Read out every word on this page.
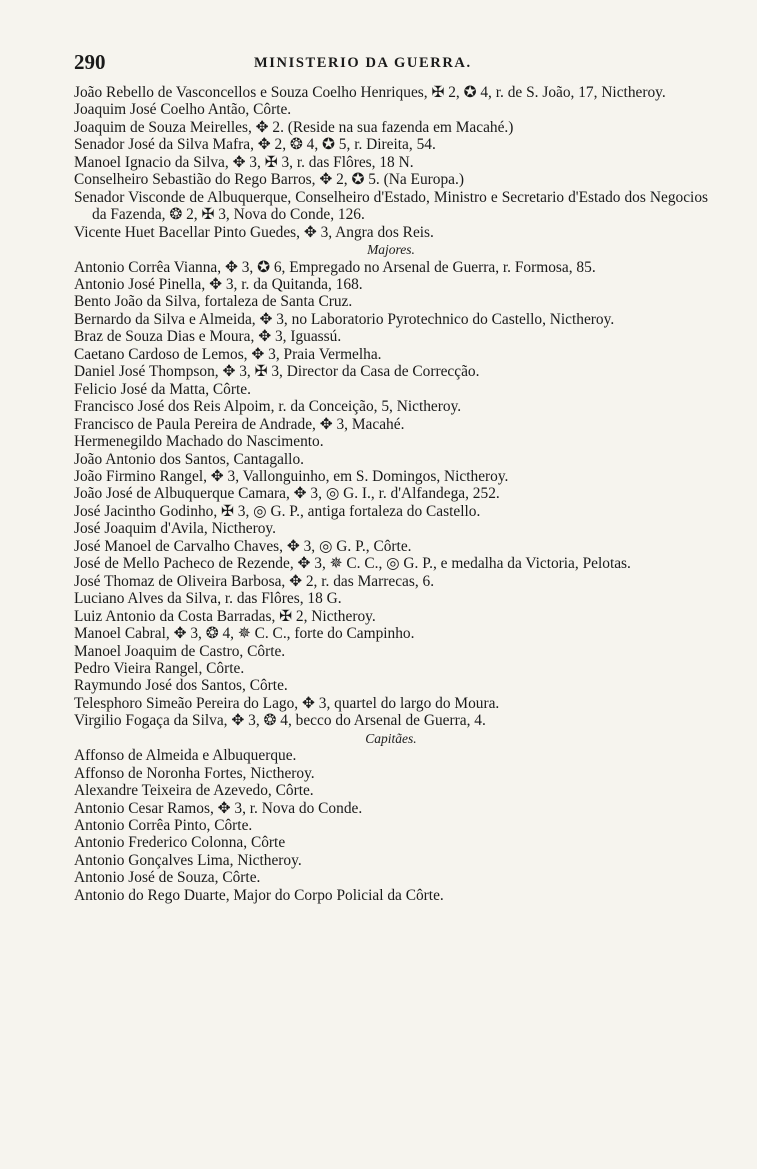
290	MINISTERIO DA GUERRA.
João Rebello de Vasconcellos e Souza Coelho Henriques, ✠ 2, ✪ 4, r. de S. João, 17, Nictheroy.
Joaquim José Coelho Antão, Côrte.
Joaquim de Souza Meirelles, ✥ 2. (Reside na sua fazenda em Macahé.)
Senador José da Silva Mafra, ✥ 2, ❂ 4, ✪ 5, r. Direita, 54.
Manoel Ignacio da Silva, ✥ 3, ✠ 3, r. das Flôres, 18 N.
Conselheiro Sebastião do Rego Barros, ✥ 2, ✪ 5. (Na Europa.)
Senador Visconde de Albuquerque, Conselheiro d'Estado, Ministro e Secretario d'Estado dos Negocios da Fazenda, ❂ 2, ✠ 3, Nova do Conde, 126.
Vicente Huet Bacellar Pinto Guedes, ✥ 3, Angra dos Reis.
Majores.
Antonio Corrêa Vianna, ✥ 3, ✪ 6, Empregado no Arsenal de Guerra, r. Formosa, 85.
Antonio José Pinella, ✥ 3, r. da Quitanda, 168.
Bento João da Silva, fortaleza de Santa Cruz.
Bernardo da Silva e Almeida, ✥ 3, no Laboratorio Pyrotechnico do Castello, Nictheroy.
Braz de Souza Dias e Moura, ✥ 3, Iguassú.
Caetano Cardoso de Lemos, ✥ 3, Praia Vermelha.
Daniel José Thompson, ✥ 3, ✠ 3, Director da Casa de Correcção.
Felicio José da Matta, Côrte.
Francisco José dos Reis Alpoim, r. da Conceição, 5, Nictheroy.
Francisco de Paula Pereira de Andrade, ✥ 3, Macahé.
Hermenegildo Machado do Nascimento.
João Antonio dos Santos, Cantagallo.
João Firmino Rangel, ✥ 3, Vallonguinho, em S. Domingos, Nictheroy.
João José de Albuquerque Camara, ✥ 3, ◎ G. I., r. d'Alfandega, 252.
José Jacintho Godinho, ✠ 3, ◎ G. P., antiga fortaleza do Castello.
José Joaquim d'Avila, Nictheroy.
José Manoel de Carvalho Chaves, ✥ 3, ◎ G. P., Côrte.
José de Mello Pacheco de Rezende, ✥ 3, ✵ C. C., ◎ G. P., e medalha da Victoria, Pelotas.
José Thomaz de Oliveira Barbosa, ✥ 2, r. das Marrecas, 6.
Luciano Alves da Silva, r. das Flôres, 18 G.
Luiz Antonio da Costa Barradas, ✠ 2, Nictheroy.
Manoel Cabral, ✥ 3, ❂ 4, ✵ C. C., forte do Campinho.
Manoel Joaquim de Castro, Côrte.
Pedro Vieira Rangel, Côrte.
Raymundo José dos Santos, Côrte.
Telesphoro Simeão Pereira do Lago, ✥ 3, quartel do largo do Moura.
Virgilio Fogaça da Silva, ✥ 3, ❂ 4, becco do Arsenal de Guerra, 4.
Capitães.
Affonso de Almeida e Albuquerque.
Affonso de Noronha Fortes, Nictheroy.
Alexandre Teixeira de Azevedo, Côrte.
Antonio Cesar Ramos, ✥ 3, r. Nova do Conde.
Antonio Corrêa Pinto, Côrte.
Antonio Frederico Colonna, Côrte
Antonio Gonçalves Lima, Nictheroy.
Antonio José de Souza, Côrte.
Antonio do Rego Duarte, Major do Corpo Policial da Côrte.
